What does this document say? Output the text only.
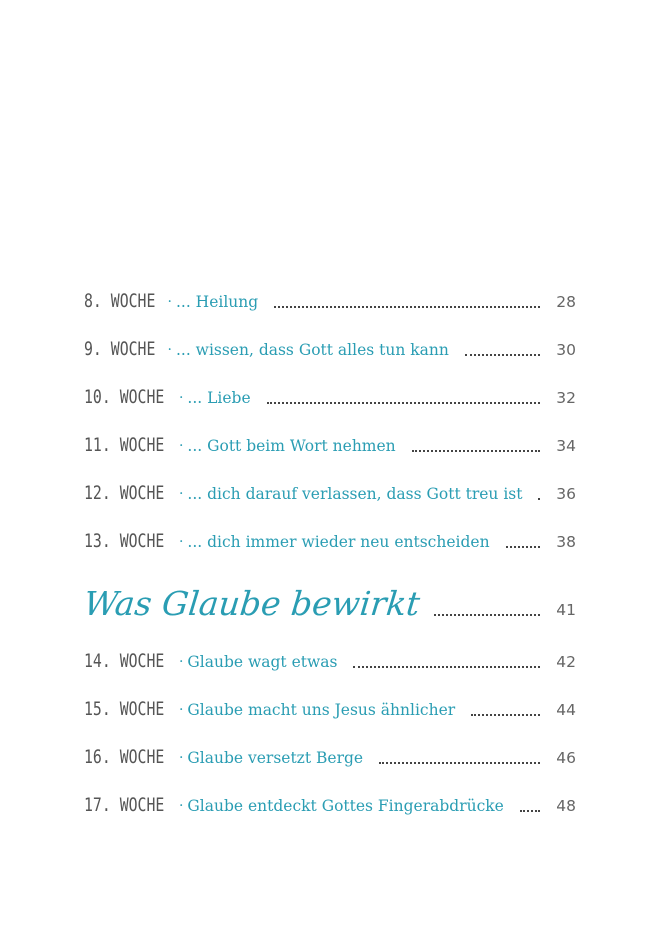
8. WOCHE · ... Heilung	28
9. WOCHE · ... wissen, dass Gott alles tun kann	30
10. WOCHE · ... Liebe	32
11. WOCHE · ... Gott beim Wort nehmen	34
12. WOCHE · ... dich darauf verlassen, dass Gott treu ist 36
13. WOCHE · ... dich immer wieder neu entscheiden	38
Was Glaube bewirkt	41
14. WOCHE · Glaube wagt etwas	42
15. WOCHE · Glaube macht uns Jesus ähnlicher	44
16. WOCHE · Glaube versetzt Berge	46
17. WOCHE · Glaube entdeckt Gottes Fingerabdrücke	48
